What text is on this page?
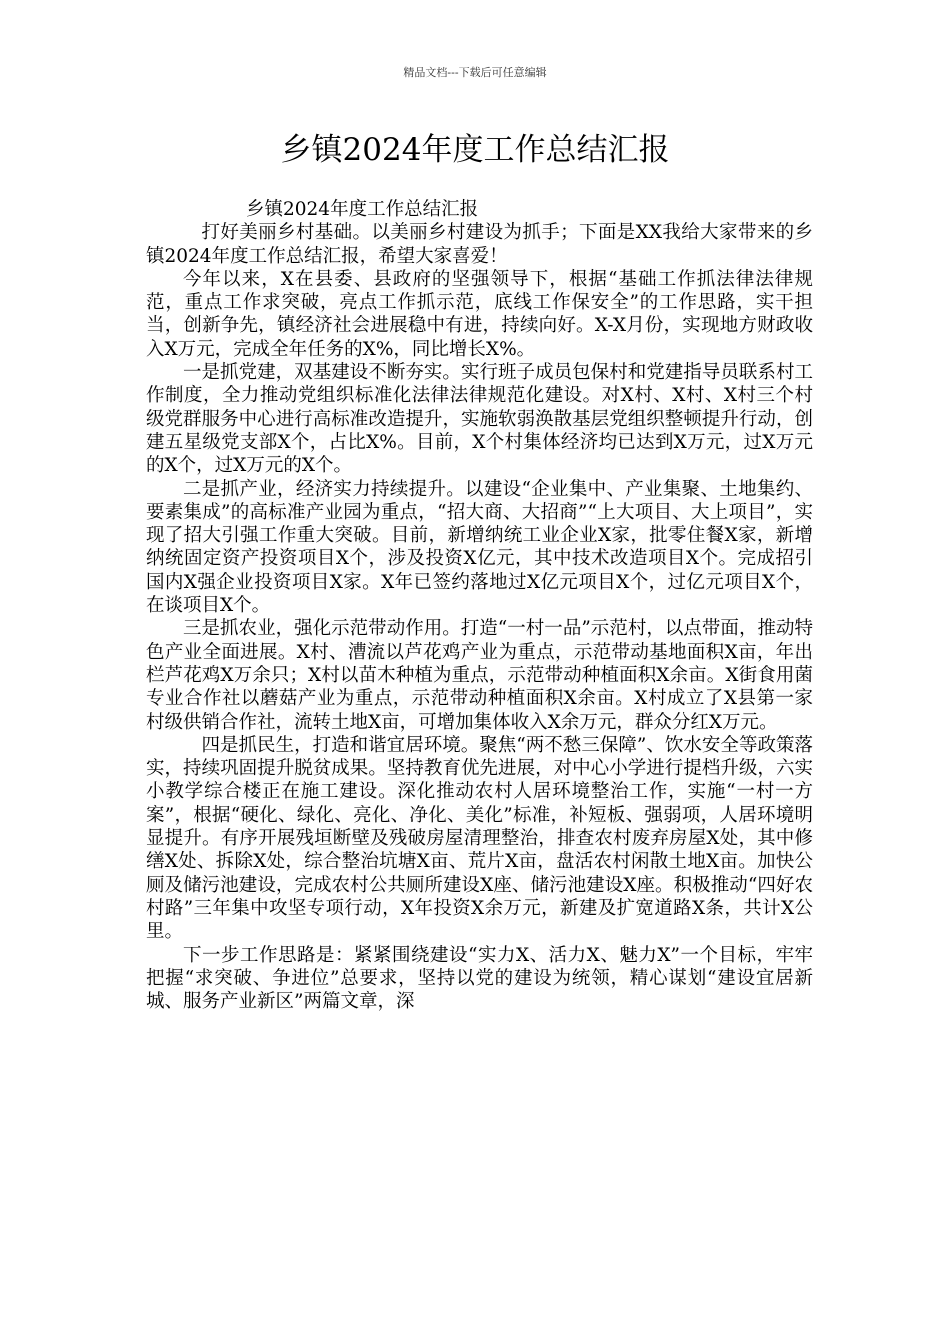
精品文档---下载后可任意编辑
乡镇2024年度工作总结汇报

乡镇2024年度工作总结汇报

打好美丽乡村基础。以美丽乡村建设为抓手；下面是XX我给大家带来的乡镇2024年度工作总结汇报，希望大家喜爱！

今年以来，X在县委、县政府的坚强领导下，根据“基础工作抓法律法律规范，重点工作求突破，亮点工作抓示范，底线工作保安全”的工作思路，实干担当，创新争先，镇经济社会进展稳中有进，持续向好。X-X月份，实现地方财政收入X万元，完成全年任务的X%，同比增长X%。

一是抓党建，双基建设不断夯实。实行班子成员包保村和党建指导员联系村工作制度，全力推动党组织标准化法律法律规范化建设。对X村、X村、X村三个村级党群服务中心进行高标准改造提升，实施软弱涣散基层党组织整顿提升行动，创建五星级党支部X个，占比X%。目前，X个村集体经济均已达到X万元，过X万元的X个，过X万元的X个。

二是抓产业，经济实力持续提升。以建设“企业集中、产业集聚、土地集约、要素集成”的高标准产业园为重点，“招大商、大招商”“上大项目、大上项目”，实现了招大引强工作重大突破。目前，新增纳统工业企业X家，批零住餐X家，新增纳统固定资产投资项目X个，涉及投资X亿元，其中技术改造项目X个。完成招引国内X强企业投资项目X家。X年已签约落地过X亿元项目X个，过亿元项目X个，在谈项目X个。

三是抓农业，强化示范带动作用。打造“一村一品”示范村，以点带面，推动特色产业全面进展。X村、漕流以芦花鸡产业为重点，示范带动基地面积X亩，年出栏芦花鸡X万余只；X村以苗木种植为重点，示范带动种植面积X余亩。X街食用菌专业合作社以蘑菇产业为重点，示范带动种植面积X余亩。X村成立了X县第一家村级供销合作社，流转土地X亩，可增加集体收入X余万元，群众分红X万元。

四是抓民生，打造和谐宜居环境。聚焦“两不愁三保障”、饮水安全等政策落实，持续巩固提升脱贫成果。坚持教育优先进展，对中心小学进行提档升级，六实小教学综合楼正在施工建设。深化推动农村人居环境整治工作，实施“一村一方案”，根据“硬化、绿化、亮化、净化、美化”标准，补短板、强弱项，人居环境明显提升。有序开展残垣断壁及残破房屋清理整治，排查农村废弃房屋X处，其中修缮X处、拆除X处，综合整治坑塘X亩、荒片X亩，盘活农村闲散土地X亩。加快公厕及储污池建设，完成农村公共厕所建设X座、储污池建设X座。积极推动“四好农村路”三年集中攻坚专项行动，X年投资X余万元，新建及扩宽道路X条，共计X公里。

下一步工作思路是：紧紧围绕建设“实力X、活力X、魅力X”一个目标，牢牢把握“求突破、争进位”总要求，坚持以党的建设为统领，精心谋划“建设宜居新城、服务产业新区”两篇文章，深
